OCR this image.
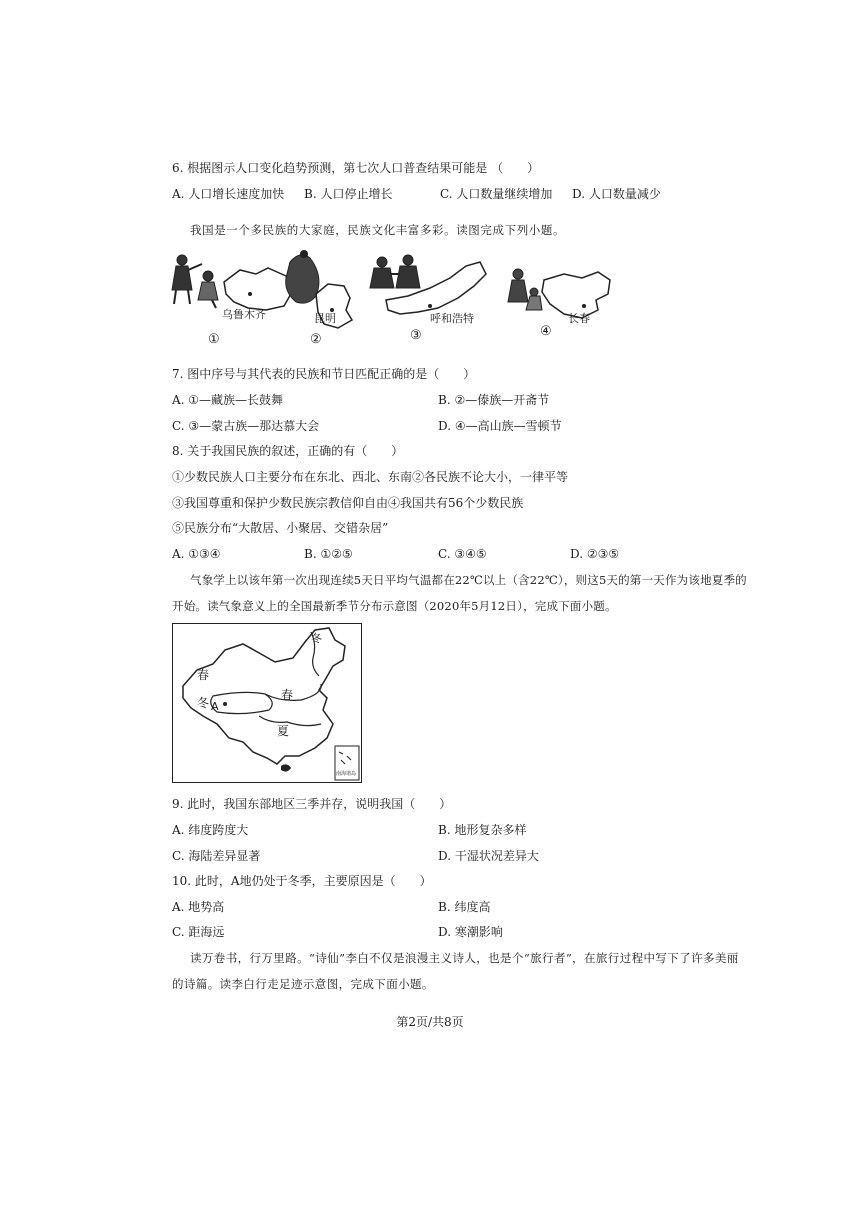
6. 根据图示人口变化趋势预测，第七次人口普查结果可能是 （　　）
A. 人口增长速度加快 B. 人口停止增长	C. 人口数量继续增加 D. 人口数量减少
我国是一个多民族的大家庭，民族文化丰富多彩。读图完成下列小题。
乌鲁木齐	昆明	呼和浩特	长春
①	②	③	④
7. 图中序号与其代表的民族和节日匹配正确的是（　　）
A. ①—藏族—长鼓舞	B. ②—傣族—开斋节
C. ③—蒙古族—那达慕大会	D. ④—高山族—雪顿节
8. 关于我国民族的叙述，正确的有（　　）
①少数民族人口主要分布在东北、西北、东南②各民族不论大小，一律平等
③我国尊重和保护少数民族宗教信仰自由④我国共有56个少数民族
⑤民族分布“大散居、小聚居、交错杂居”
A. ①③④	B. ①②⑤	C. ③④⑤	D. ②③⑤
气象学上以该年第一次出现连续5天日平均气温都在22℃以上（含22℃），则这5天的第一天作为该地夏季的
开始。读气象意义上的全国最新季节分布示意图（2020年5月12日），完成下面小题。
春
冬 A
春
夏
冬
南海诸岛
9. 此时，我国东部地区三季并存，说明我国（　　）
A. 纬度跨度大	B. 地形复杂多样
C. 海陆差异显著	D. 干湿状况差异大
10. 此时，A地仍处于冬季，主要原因是（　　）
A. 地势高	B. 纬度高
C. 距海远	D. 寒潮影响
读万卷书，行万里路。“诗仙”李白不仅是浪漫主义诗人，也是个“旅行者”，在旅行过程中写下了许多美丽
的诗篇。读李白行走足迹示意图，完成下面小题。
第2页/共8页
